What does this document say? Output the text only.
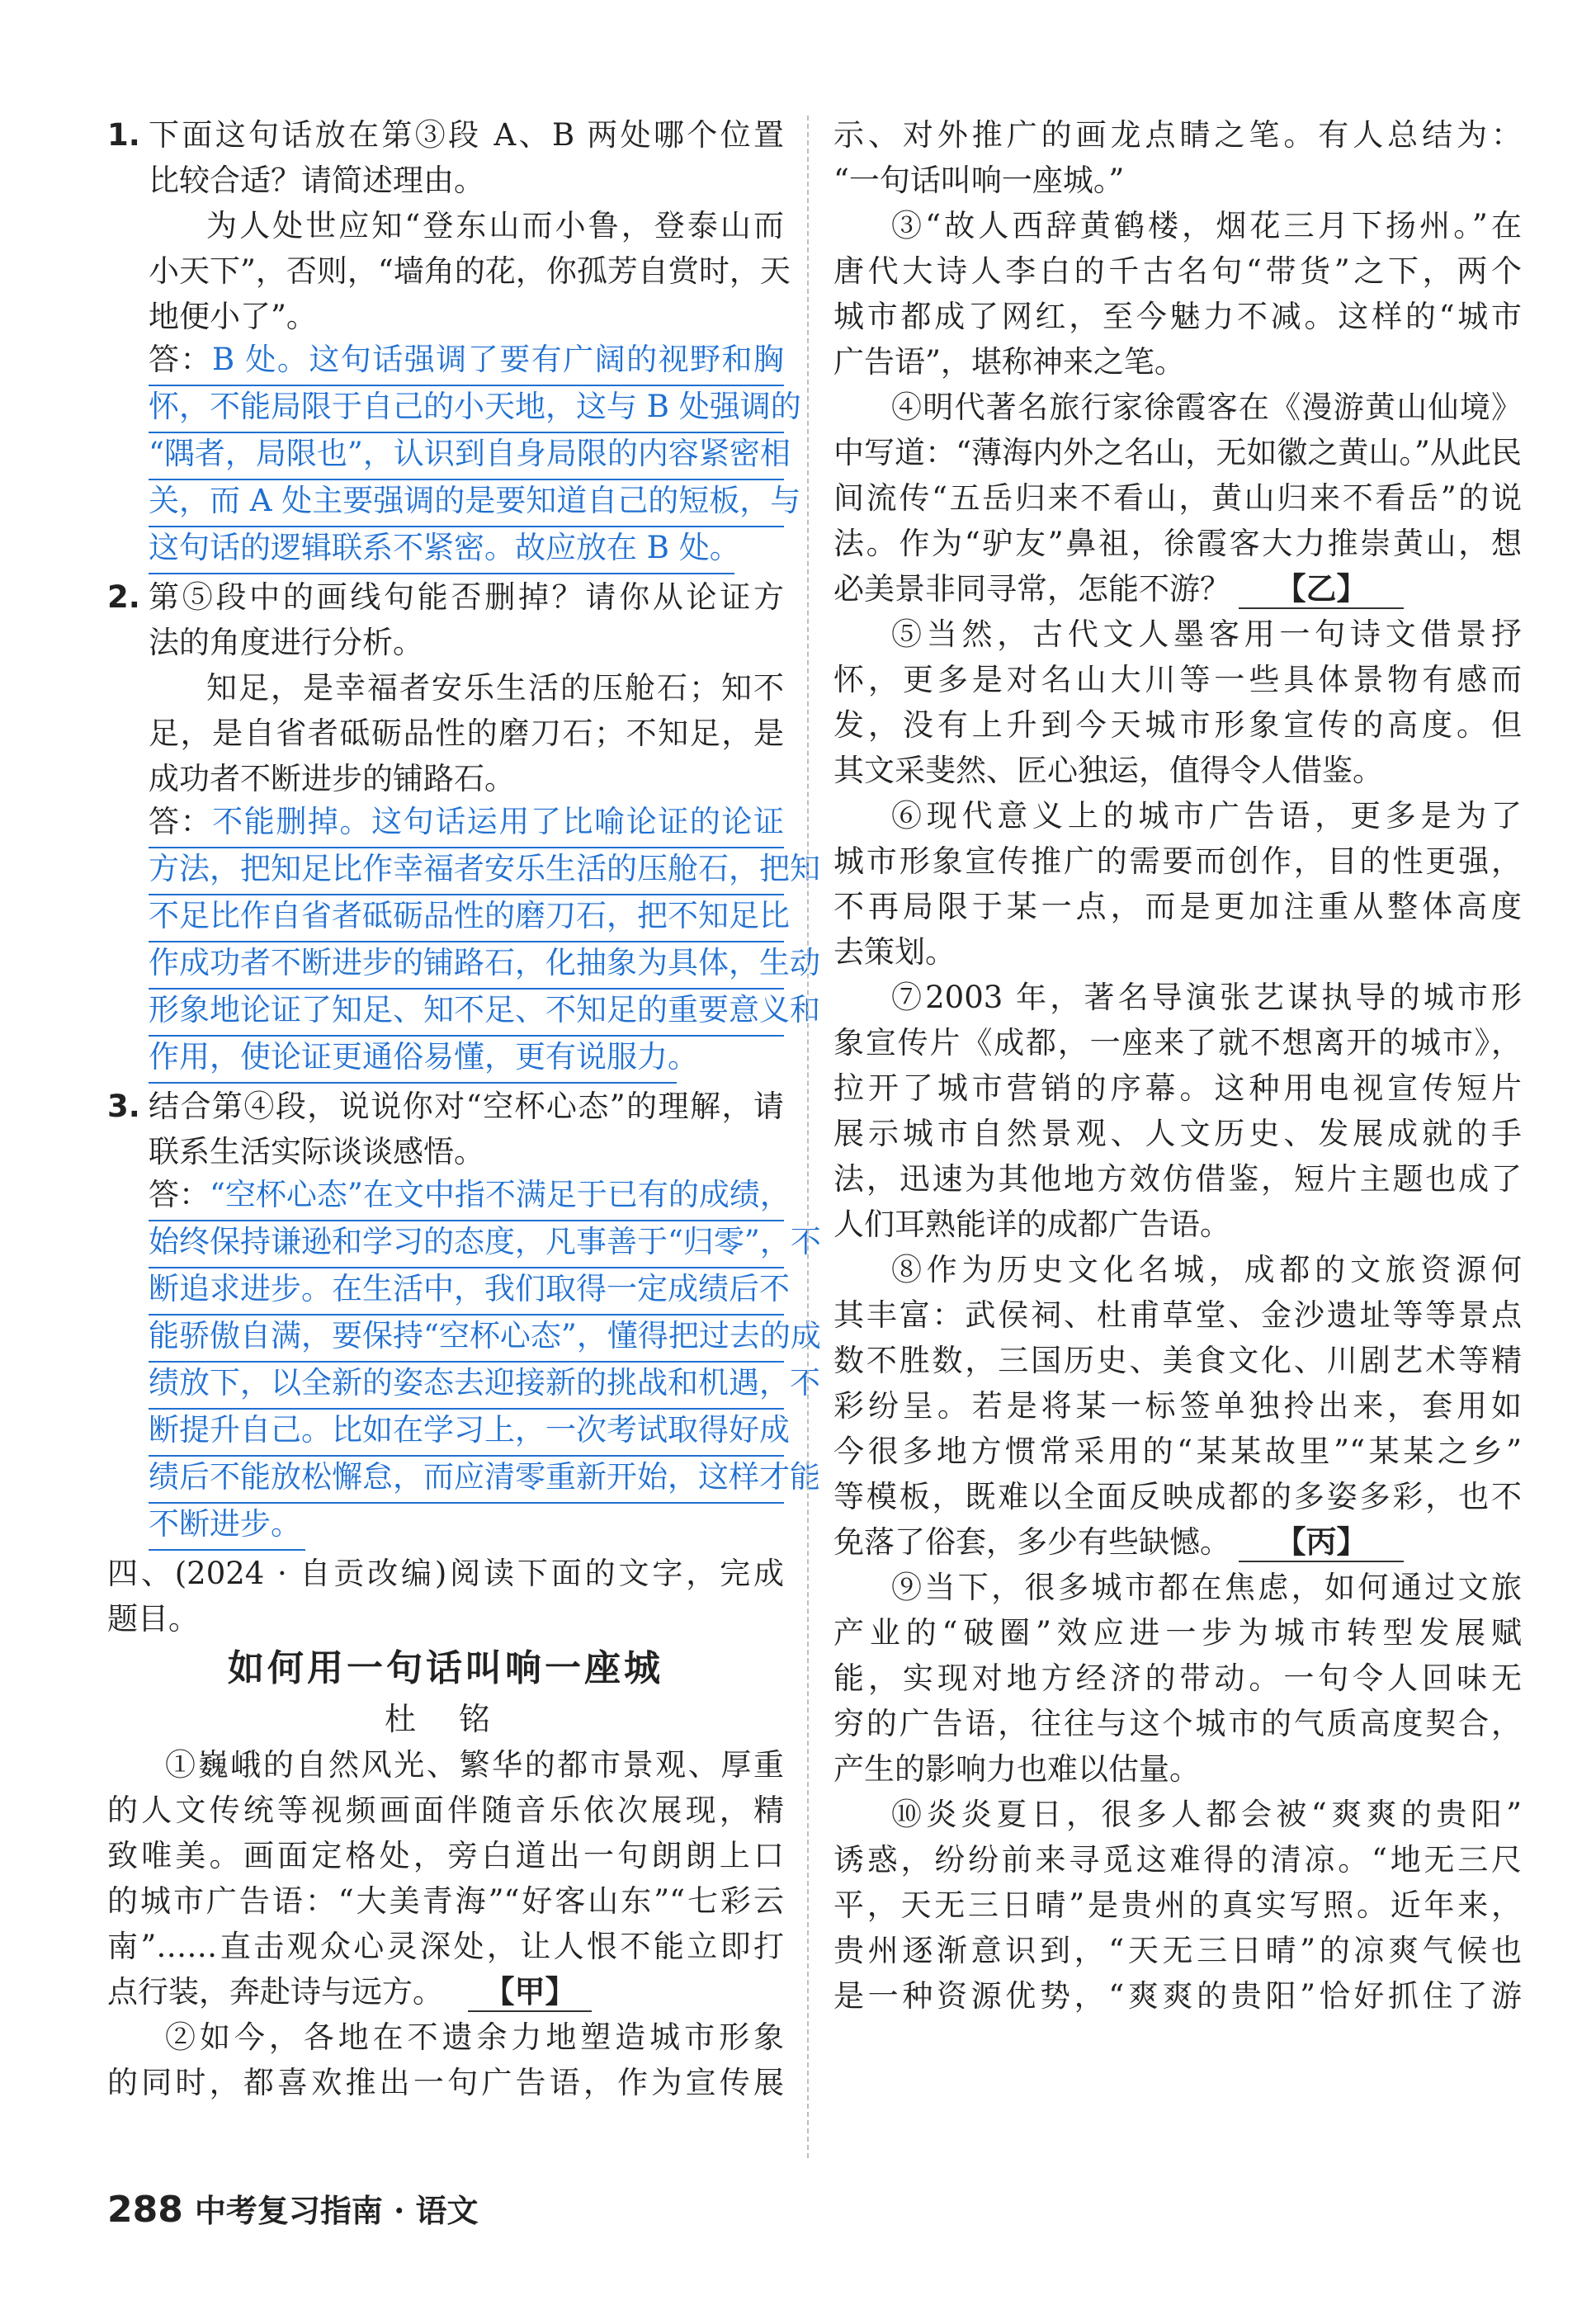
1. 下面这句话放在第③段 A、B 两处哪个位置
比较合适？请简述理由。
为人处世应知“登东山而小鲁，登泰山而
小天下”，否则，“墙角的花，你孤芳自赏时，天
地便小了”。
答：B 处。这句话强调了要有广阔的视野和胸
怀，不能局限于自己的小天地，这与 B 处强调的
“隅者，局限也”，认识到自身局限的内容紧密相
关，而 A 处主要强调的是要知道自己的短板，与
这句话的逻辑联系不紧密。故应放在 B 处。
2. 第⑤段中的画线句能否删掉？请你从论证方
法的角度进行分析。
知足，是幸福者安乐生活的压舱石；知不
足，是自省者砥砺品性的磨刀石；不知足，是
成功者不断进步的铺路石。
答：不能删掉。这句话运用了比喻论证的论证
方法，把知足比作幸福者安乐生活的压舱石，把知
不足比作自省者砥砺品性的磨刀石，把不知足比
作成功者不断进步的铺路石，化抽象为具体，生动
形象地论证了知足、知不足、不知足的重要意义和
作用，使论证更通俗易懂，更有说服力。
3. 结合第④段，说说你对“空杯心态”的理解，请
联系生活实际谈谈感悟。
答：“空杯心态”在文中指不满足于已有的成绩，
始终保持谦逊和学习的态度，凡事善于“归零”，不
断追求进步。在生活中，我们取得一定成绩后不
能骄傲自满，要保持“空杯心态”，懂得把过去的成
绩放下，以全新的姿态去迎接新的挑战和机遇，不
断提升自己。比如在学习上，一次考试取得好成
绩后不能放松懈怠，而应清零重新开始，这样才能
不断进步。
四、(2024 · 自贡改编)阅读下面的文字，完成
题目。
如何用一句话叫响一座城
杜 铭
①巍峨的自然风光、繁华的都市景观、厚重
的人文传统等视频画面伴随音乐依次展现，精
致唯美。画面定格处，旁白道出一句朗朗上口
的城市广告语：“大美青海”“好客山东”“七彩云
南”……直击观众心灵深处，让人恨不能立即打
点行装，奔赴诗与远方。 【甲】
②如今，各地在不遗余力地塑造城市形象
的同时，都喜欢推出一句广告语，作为宣传展
示、对外推广的画龙点睛之笔。有人总结为：
“一句话叫响一座城。”
③“故人西辞黄鹤楼，烟花三月下扬州。”在
唐代大诗人李白的千古名句“带货”之下，两个
城市都成了网红，至今魅力不减。这样的“城市
广告语”，堪称神来之笔。
④明代著名旅行家徐霞客在《漫游黄山仙境》
中写道：“薄海内外之名山，无如徽之黄山。”从此民
间流传“五岳归来不看山，黄山归来不看岳”的说
法。作为“驴友”鼻祖，徐霞客大力推崇黄山，想
必美景非同寻常，怎能不游？ 【乙】
⑤当然，古代文人墨客用一句诗文借景抒
怀，更多是对名山大川等一些具体景物有感而
发，没有上升到今天城市形象宣传的高度。但
其文采斐然、匠心独运，值得令人借鉴。
⑥现代意义上的城市广告语，更多是为了
城市形象宣传推广的需要而创作，目的性更强，
不再局限于某一点，而是更加注重从整体高度
去策划。
⑦2003 年，著名导演张艺谋执导的城市形
象宣传片《成都，一座来了就不想离开的城市》，
拉开了城市营销的序幕。这种用电视宣传短片
展示城市自然景观、人文历史、发展成就的手
法，迅速为其他地方效仿借鉴，短片主题也成了
人们耳熟能详的成都广告语。
⑧作为历史文化名城，成都的文旅资源何
其丰富：武侯祠、杜甫草堂、金沙遗址等等景点
数不胜数，三国历史、美食文化、川剧艺术等精
彩纷呈。若是将某一标签单独拎出来，套用如
今很多地方惯常采用的“某某故里”“某某之乡”
等模板，既难以全面反映成都的多姿多彩，也不
免落了俗套，多少有些缺憾。 【丙】
⑨当下，很多城市都在焦虑，如何通过文旅
产业的“破圈”效应进一步为城市转型发展赋
能，实现对地方经济的带动。一句令人回味无
穷的广告语，往往与这个城市的气质高度契合，
产生的影响力也难以估量。
⑩炎炎夏日，很多人都会被“爽爽的贵阳”
诱惑，纷纷前来寻觅这难得的清凉。“地无三尺
平，天无三日晴”是贵州的真实写照。近年来，
贵州逐渐意识到，“天无三日晴”的凉爽气候也
是一种资源优势，“爽爽的贵阳”恰好抓住了游
288 中考复习指南 · 语文
